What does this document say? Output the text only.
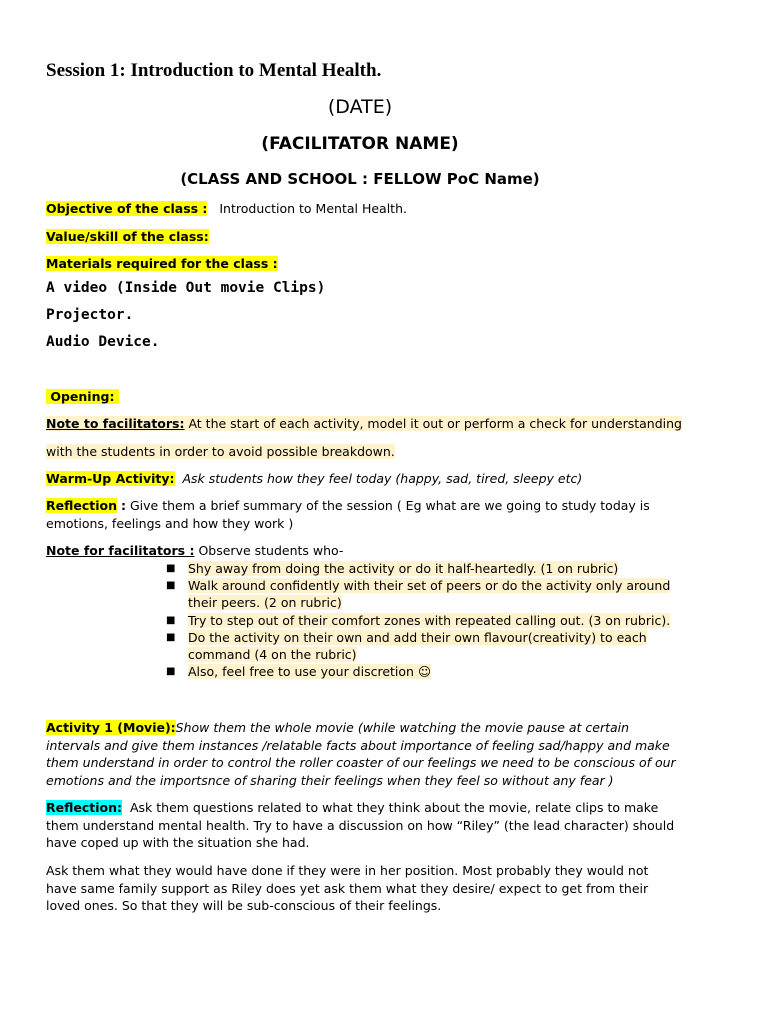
Session 1: Introduction to Mental Health.
(DATE)
(FACILITATOR NAME)
(CLASS AND SCHOOL : FELLOW PoC Name)
Objective of the class : Introduction to Mental Health.
Value/skill of the class:
Materials required for the class :
A video (Inside Out movie Clips)
Projector.
Audio Device.
Opening:
Note to facilitators: At the start of each activity, model it out or perform a check for understanding
with the students in order to avoid possible breakdown.
Warm-Up Activity: Ask students how they feel today (happy, sad, tired, sleepy etc)
Reflection : Give them a brief summary of the session ( Eg what are we going to study today is emotions, feelings and how they work )
Note for facilitators : Observe students who-
■ Shy away from doing the activity or do it half-heartedly. (1 on rubric)
■ Walk around confidently with their set of peers or do the activity only around their peers. (2 on rubric)
■ Try to step out of their comfort zones with repeated calling out. (3 on rubric).
■ Do the activity on their own and add their own flavour(creativity) to each command (4 on the rubric)
■ Also, feel free to use your discretion ☺
Activity 1 (Movie):Show them the whole movie (while watching the movie pause at certain intervals and give them instances /relatable facts about importance of feeling sad/happy and make them understand in order to control the roller coaster of our feelings we need to be conscious of our emotions and the importsnce of sharing their feelings when they feel so without any fear )
Reflection: Ask them questions related to what they think about the movie, relate clips to make them understand mental health. Try to have a discussion on how “Riley” (the lead character) should have coped up with the situation she had.
Ask them what they would have done if they were in her position. Most probably they would not have same family support as Riley does yet ask them what they desire/ expect to get from their loved ones. So that they will be sub-conscious of their feelings.
